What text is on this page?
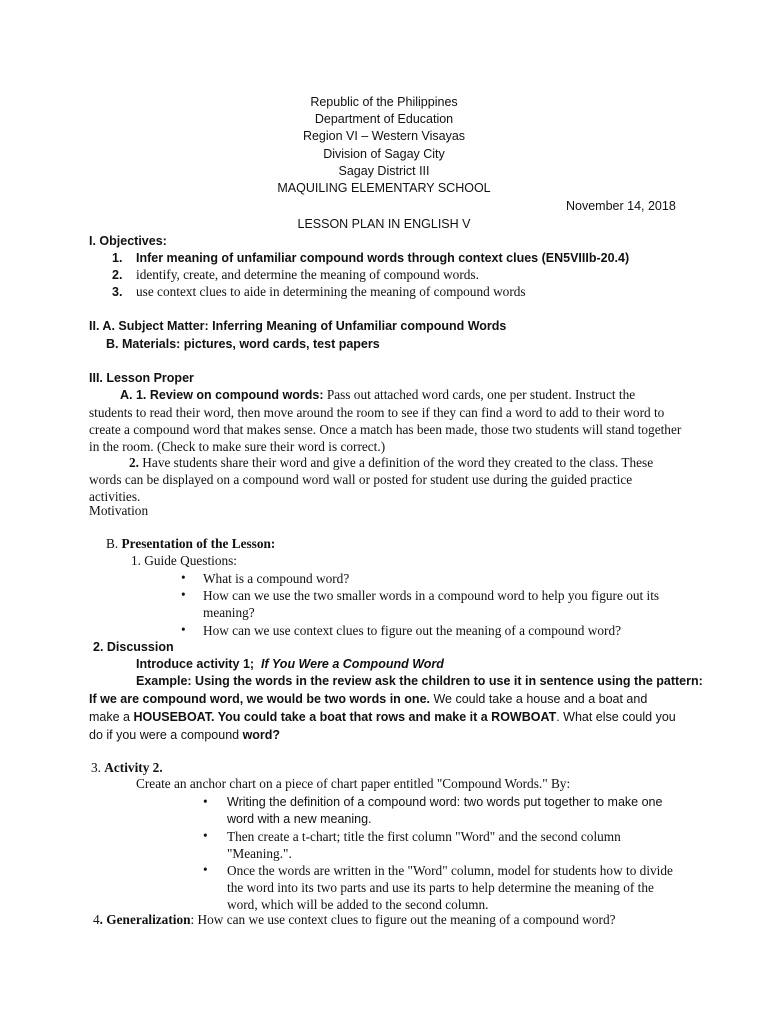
Republic of the Philippines
Department of Education
Region VI – Western Visayas
Division of Sagay City
Sagay District III
MAQUILING ELEMENTARY SCHOOL
November 14, 2018
LESSON PLAN IN ENGLISH V
I. Objectives:
1. Infer meaning of unfamiliar compound words through context clues (EN5VIIIb-20.4)
2. identify, create, and determine the meaning of compound words.
3. use context clues to aide in determining the meaning of compound words
II. A. Subject Matter: Inferring Meaning of Unfamiliar compound Words
B. Materials: pictures, word cards, test papers
III. Lesson Proper
A. 1. Review on compound words: Pass out attached word cards, one per student. Instruct the students to read their word, then move around the room to see if they can find a word to add to their word to create a compound word that makes sense. Once a match has been made, those two students will stand together in the room. (Check to make sure their word is correct.)
2. Have students share their word and give a definition of the word they created to the class. These words can be displayed on a compound word wall or posted for student use during the guided practice activities.
Motivation
B. Presentation of the Lesson:
1. Guide Questions:
• What is a compound word?
• How can we use the two smaller words in a compound word to help you figure out its meaning?
• How can we use context clues to figure out the meaning of a compound word?
2. Discussion
Introduce activity 1; If You Were a Compound Word
Example: Using the words in the review ask the children to use it in sentence using the pattern:
If we are compound word, we would be two words in one. We could take a house and a boat and
make a HOUSEBOAT. You could take a boat that rows and make it a ROWBOAT. What else could you
do if you were a compound word?
3. Activity 2.
Create an anchor chart on a piece of chart paper entitled "Compound Words." By:
• Writing the definition of a compound word: two words put together to make one word with a new meaning.
• Then create a t-chart; title the first column "Word" and the second column "Meaning.".
• Once the words are written in the "Word" column, model for students how to divide the word into its two parts and use its parts to help determine the meaning of the word, which will be added to the second column.
4. Generalization: How can we use context clues to figure out the meaning of a compound word?
